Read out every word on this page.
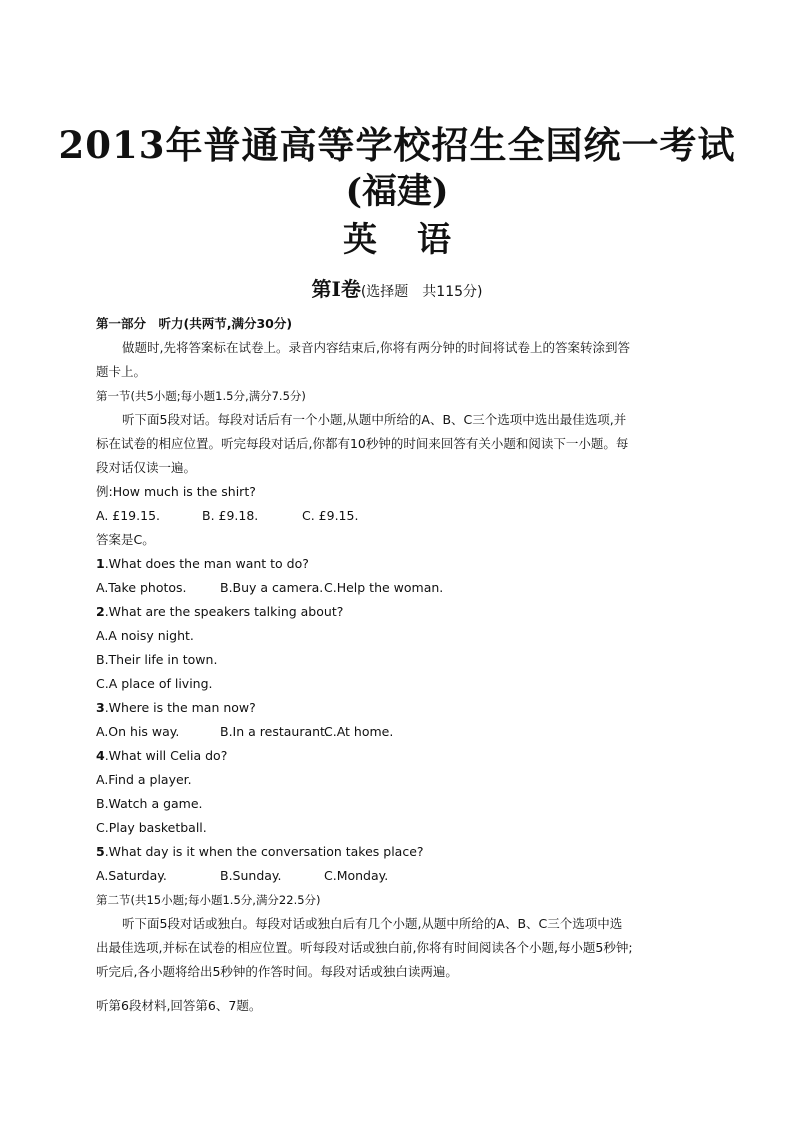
2013年普通高等学校招生全国统一考试
(福建)
英语
第Ⅰ卷(选择题　共115分)
第一部分　听力(共两节,满分30分)
做题时,先将答案标在试卷上。录音内容结束后,你将有两分钟的时间将试卷上的答案转涂到答
题卡上。
第一节(共5小题;每小题1.5分,满分7.5分)
听下面5段对话。每段对话后有一个小题,从题中所给的A、B、C三个选项中选出最佳选项,并
标在试卷的相应位置。听完每段对话后,你都有10秒钟的时间来回答有关小题和阅读下一小题。每
段对话仅读一遍。
例:How much is the shirt?
A. £19.15.	B. £9.18.	C. £9.15.
答案是C。
1.What does the man want to do?
A.Take photos.	B.Buy a camera.C.Help the woman.
2.What are the speakers talking about?
A.A noisy night.
B.Their life in town.
C.A place of living.
3.Where is the man now?
A.On his way.	B.In a restaurant.C.At home.
4.What will Celia do?
A.Find a player.
B.Watch a game.
C.Play basketball.
5.What day is it when the conversation takes place?
A.Saturday.	B.Sunday.	C.Monday.
第二节(共15小题;每小题1.5分,满分22.5分)
听下面5段对话或独白。每段对话或独白后有几个小题,从题中所给的A、B、C三个选项中选
出最佳选项,并标在试卷的相应位置。听每段对话或独白前,你将有时间阅读各个小题,每小题5秒钟;
听完后,各小题将给出5秒钟的作答时间。每段对话或独白读两遍。
听第6段材料,回答第6、7题。
